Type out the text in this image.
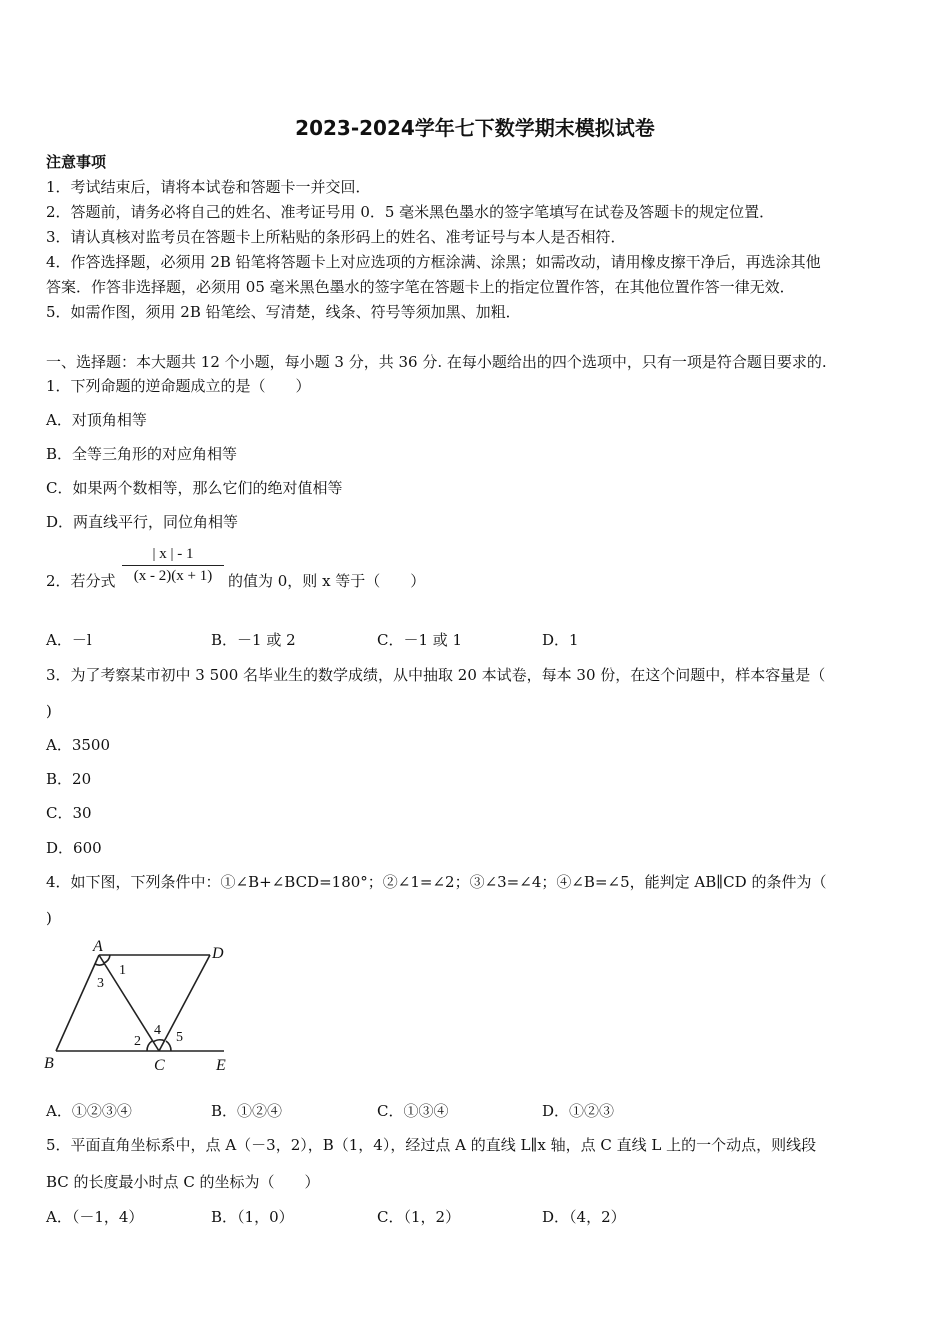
2023-2024学年七下数学期末模拟试卷
注意事项
1．考试结束后，请将本试卷和答题卡一并交回．
2．答题前，请务必将自己的姓名、准考证号用 0．5 毫米黑色墨水的签字笔填写在试卷及答题卡的规定位置．
3．请认真核对监考员在答题卡上所粘贴的条形码上的姓名、准考证号与本人是否相符．
4．作答选择题，必须用 2B 铅笔将答题卡上对应选项的方框涂满、涂黑；如需改动，请用橡皮擦干净后，再选涂其他
答案．作答非选择题，必须用 05 毫米黑色墨水的签字笔在答题卡上的指定位置作答，在其他位置作答一律无效．
5．如需作图，须用 2B 铅笔绘、写清楚，线条、符号等须加黑、加粗．
一、选择题：本大题共 12 个小题，每小题 3 分，共 36 分. 在每小题给出的四个选项中，只有一项是符合题目要求的.
1．下列命题的逆命题成立的是（　　）
A．对顶角相等
B．全等三角形的对应角相等
C．如果两个数相等，那么它们的绝对值相等
D．两直线平行，同位角相等
2．若分式
| x | - 1
(x - 2)(x + 1)	的值为 0，则 x 等于（　　）
A．－l	B．－1 或 2	C．－1 或 1	D．1
3．为了考察某市初中 3 500 名毕业生的数学成绩，从中抽取 20 本试卷，每本 30 份，在这个问题中，样本容量是（
)
A．3500
B．20
C．30
D．600
4．如下图，下列条件中：①∠B+∠BCD=180°；②∠1=∠2；③∠3=∠4；④∠B=∠5，能判定 AB∥CD 的条件为（
)
A	D
B	C	E
1
3
2
4 5
A．①②③④	B．①②④	C．①③④	D．①②③
5．平面直角坐标系中，点 A（－3，2），B（1，4），经过点 A 的直线 L∥x 轴，点 C 直线 L 上的一个动点，则线段
BC 的长度最小时点 C 的坐标为（　　）
A．（－1，4）	B．（1，0）	C．（1，2）	D．（4，2）
